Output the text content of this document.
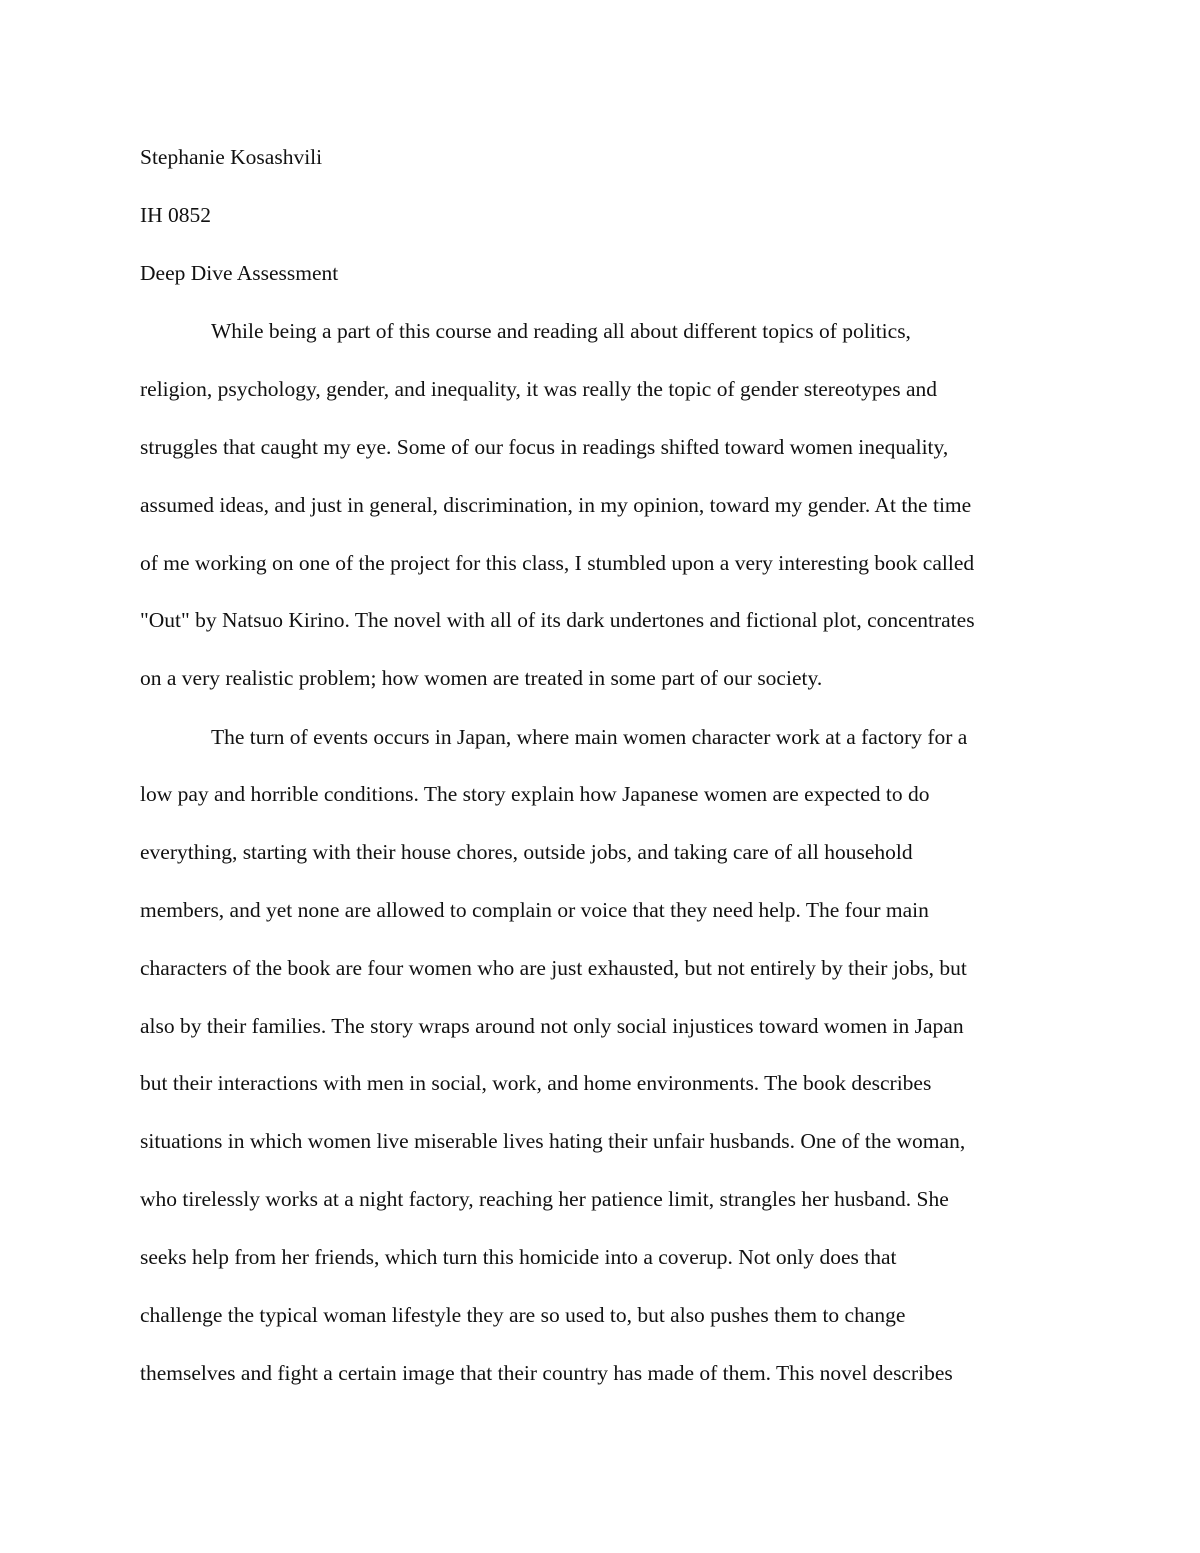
Stephanie Kosashvili
IH 0852
Deep Dive Assessment
While being a part of this course and reading all about different topics of politics,
religion, psychology, gender, and inequality, it was really the topic of gender stereotypes and
struggles that caught my eye. Some of our focus in readings shifted toward women inequality,
assumed ideas, and just in general, discrimination, in my opinion, toward my gender. At the time
of me working on one of the project for this class, I stumbled upon a very interesting book called
"Out" by Natsuo Kirino. The novel with all of its dark undertones and fictional plot, concentrates
on a very realistic problem; how women are treated in some part of our society.
The turn of events occurs in Japan, where main women character work at a factory for a
low pay and horrible conditions. The story explain how Japanese women are expected to do
everything, starting with their house chores, outside jobs, and taking care of all household
members, and yet none are allowed to complain or voice that they need help. The four main
characters of the book are four women who are just exhausted, but not entirely by their jobs, but
also by their families. The story wraps around not only social injustices toward women in Japan
but their interactions with men in social, work, and home environments. The book describes
situations in which women live miserable lives hating their unfair husbands. One of the woman,
who tirelessly works at a night factory, reaching her patience limit, strangles her husband. She
seeks help from her friends, which turn this homicide into a coverup. Not only does that
challenge the typical woman lifestyle they are so used to, but also pushes them to change
themselves and fight a certain image that their country has made of them. This novel describes
